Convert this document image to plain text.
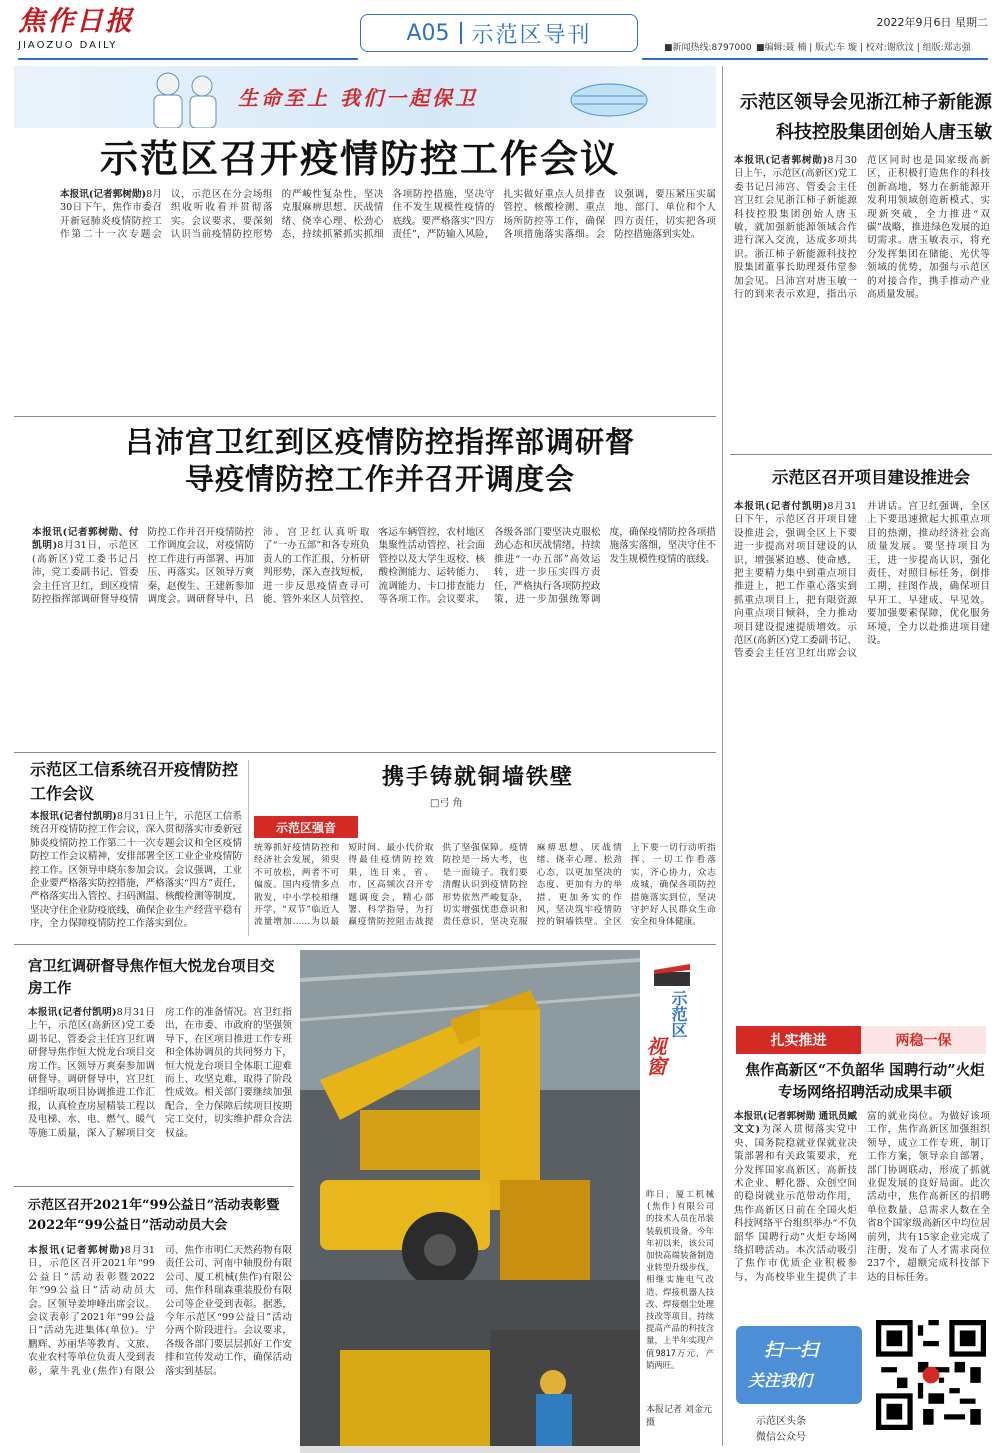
焦作日报
JIAOZUO DAILY	A05 示范区导刊	2022年9月6日 星期二
■新闻热线:8797000 ■编辑:聂 楠 | 版式:车 璇 | 校对:谢欣汶 | 组版:郑志强
生命至上 我们一起保卫
示范区召开疫情防控工作会议
本报讯(记者郭树勋)8月30日下午，焦作市委召开新冠肺炎疫情防控工作第二十一次专题会议，示范区在分会场组织收听收看并贯彻落实。会议要求，要深刻认识当前疫情防控形势的严峻性复杂性，坚决克服麻痹思想、厌战情绪、侥幸心理、松劲心态，持续抓紧抓实抓细各项防控措施，坚决守住不发生规模性疫情的底线。要严格落实“四方责任”，严防输入风险，扎实做好重点人员排查管控、核酸检测、重点场所防控等工作，确保各项措施落实落细。会议强调，要压紧压实属地、部门、单位和个人四方责任，切实把各项防控措施落到实处。
吕沛宫卫红到区疫情防控指挥部调研督导疫情防控工作并召开调度会
本报讯(记者郭树勋、付凯明)8月31日，示范区(高新区)党工委书记吕沛，党工委副书记、管委会主任宫卫红，到区疫情防控指挥部调研督导疫情防控工作并召开疫情防控工作调度会议，对疫情防控工作进行再部署、再加压、再落实。区领导万爽秦，赵俊生、王建新参加调度会。调研督导中，吕沛、宫卫红认真听取了“一办五部”和各专班负责人的工作汇报，分析研判形势，深入查找短板，进一步反思疫情查寻可能、管外来区人员管控、客运车辆管控，农村地区集聚性活动管控、社会面管控以及大学生返校、核酸检测能力、运转能力、流调能力、卡口排查能力等各项工作。会议要求，各级各部门要坚决克服松劲心态和厌战情绪，持续推进“一办五部”高效运转，进一步压实四方责任，严格执行各项防控政策，进一步加强统筹调度，确保疫情防控各项措施落实落细，坚决守住不发生规模性疫情的底线。
示范区工信系统召开疫情防控工作会议
本报讯(记者付凯明)8月31日上午，示范区工信系统召开疫情防控工作会议，深入贯彻落实市委新冠肺炎疫情防控工作第二十一次专题会议和全区疫情防控工作会议精神，安排部署全区工业企业疫情防控工作。区领导申晓东参加会议。会议强调，工业企业要严格落实防控措施，严格落实“四方”责任，严格落实出入管控、扫码测温、核酸检测等制度，坚决守住企业防疫底线，确保企业生产经营平稳有序，全力保障疫情防控工作落实到位。
携手铸就铜墙铁壁
□弓 角
示范区强音
统筹抓好疫情防控和经济社会发展，须臾不可放松，两者不可偏废。国内疫情多点散发，中小学校相继开学，“双节”临近人流量增加……为以最短时间、最小代价取得最佳疫情防控效果，连日来，省、市、区高频次召开专题调度会，精心部署、科学指导，为打赢疫情防控阻击战提供了坚强保障。疫情防控是一场大考，也是一面镜子。我们要清醒认识到疫情防控形势依然严峻复杂，切实增强忧患意识和责任意识，坚决克服麻痹思想、厌战情绪、侥幸心理、松劲心态，以更加坚决的态度、更加有力的举措、更加务实的作风，坚决筑牢疫情防控的铜墙铁壁。全区上下要一切行动听指挥、一切工作看落实，齐心协力，众志成城，确保各项防控措施落实到位，坚决守护好人民群众生命安全和身体健康。
宫卫红调研督导焦作恒大悦龙台项目交房工作
本报讯(记者付凯明)8月31日上午，示范区(高新区)党工委副书记、管委会主任宫卫红调研督导焦作恒大悦龙台项目交房工作。区领导万爽秦参加调研督导。调研督导中，宫卫红详细听取项目协调推进工作汇报，认真检查房屋精装工程以及电梯、水、电、燃气、暖气等施工质量，深入了解项目交房工作的准备情况。宫卫红指出，在市委、市政府的坚强领导下，在区项目推进工作专班和全体协调员的共同努力下，恒大悦龙台项目全体职工迎难而上、攻坚克难，取得了阶段性成效。相关部门要继续加强配合，全力保障后续项目按期完工交付，切实维护群众合法权益。
示范区召开2021年“99公益日”活动表彰暨2022年“99公益日”活动动员大会
本报讯(记者郭树勋)8月31日，示范区召开2021年“99公益日”活动表彰暨2022年“99公益日”活动动员大会。区领导姜坤峰出席会议。会议表彰了2021年“99公益日”活动先进集体(单位)。宁鹏辉、苏丽华等教育、文旅、农业农村等单位负责人受到表彰，蒙牛乳业(焦作)有限公司、焦作市明仁天然药物有限责任公司、河南中轴股份有限公司、厦工机械(焦作)有限公司、焦作科瑞森重装股份有限公司等企业受到表彰。据悉，今年示范区“99公益日”活动分两个阶段进行。会议要求，各级各部门要层层抓好工作安排和宣传发动工作，确保活动落实到基层。
示范区
视窗
昨日，厦工机械(焦作)有限公司的技术人员在吊装装载机设备。今年年初以来，该公司加快高端装备制造业转型升级步伐，相继实施电气改造、焊接机器人技改、焊接烟尘处理技改等项目，持续提高产品的科技含量，上半年实现产值9817万元，产销两旺。
本报记者 刘金元 摄
示范区领导会见浙江柿子新能源科技控股集团创始人唐玉敏
本报讯(记者郭树勋)8月30日上午，示范区(高新区)党工委书记吕沛宫、管委会主任宫卫红会见浙江柿子新能源科技控股集团创始人唐玉敏，就加强新能源领域合作进行深入交流，达成多项共识。浙江柿子新能源科技控股集团董事长助理聂伟堂参加会见。吕沛宫对唐玉敏一行的到来表示欢迎，指出示范区同时也是国家级高新区，正积极打造焦作的科技创新高地，努力在新能源开发利用领域创造新模式、实现新突破，全力推进“双碳”战略，推进绿色发展的迫切需求。唐玉敏表示，将充分发挥集团在储能、光伏等领域的优势，加强与示范区的对接合作，携手推动产业高质量发展。
示范区召开项目建设推进会
本报讯(记者付凯明)8月31日下午，示范区召开项目建设推进会，强调全区上下要进一步提高对项目建设的认识，增强紧迫感、使命感，把主要精力集中到重点项目推进上，把工作重心落实到抓重点项目上，把有限资源向重点项目倾斜，全力推动项目建设提速提质增效。示范区(高新区)党工委副书记、管委会主任宫卫红出席会议并讲话。宫卫红强调，全区上下要迅速掀起大抓重点项目的热潮，推动经济社会高质量发展。要坚持项目为王，进一步提高认识，强化责任，对照目标任务，倒排工期，挂图作战，确保项目早开工、早建成、早见效。要加强要素保障，优化服务环境，全力以赴推进项目建设。
扎实推进	两稳一保
焦作高新区“不负韶华 国聘行动”火炬专场网络招聘活动成果丰硕
本报讯(记者郭树勋 通讯员臧文文)为深入贯彻落实党中央、国务院稳就业保就业决策部署和有关政策要求，充分发挥国家高新区、高新技术企业、孵化器、众创空间的稳岗就业示范带动作用，焦作高新区日前在全国火炬科技网络平台组织举办“不负韶华 国聘行动”火炬专场网络招聘活动。本次活动吸引了焦作市优质企业积极参与，为高校毕业生提供了丰富的就业岗位。为做好该项工作，焦作高新区加强组织领导，成立工作专班，制订工作方案，领导亲自部署，部门协调联动，形成了抓就业促发展的良好局面。此次活动中，焦作高新区的招聘单位数量、总需求人数在全省8个国家级高新区中均位居前列，共有15家企业完成了注册，发布了人才需求岗位237个，超额完成科技部下达的目标任务。
扫一扫
关注我们
示范区头条
微信公众号
